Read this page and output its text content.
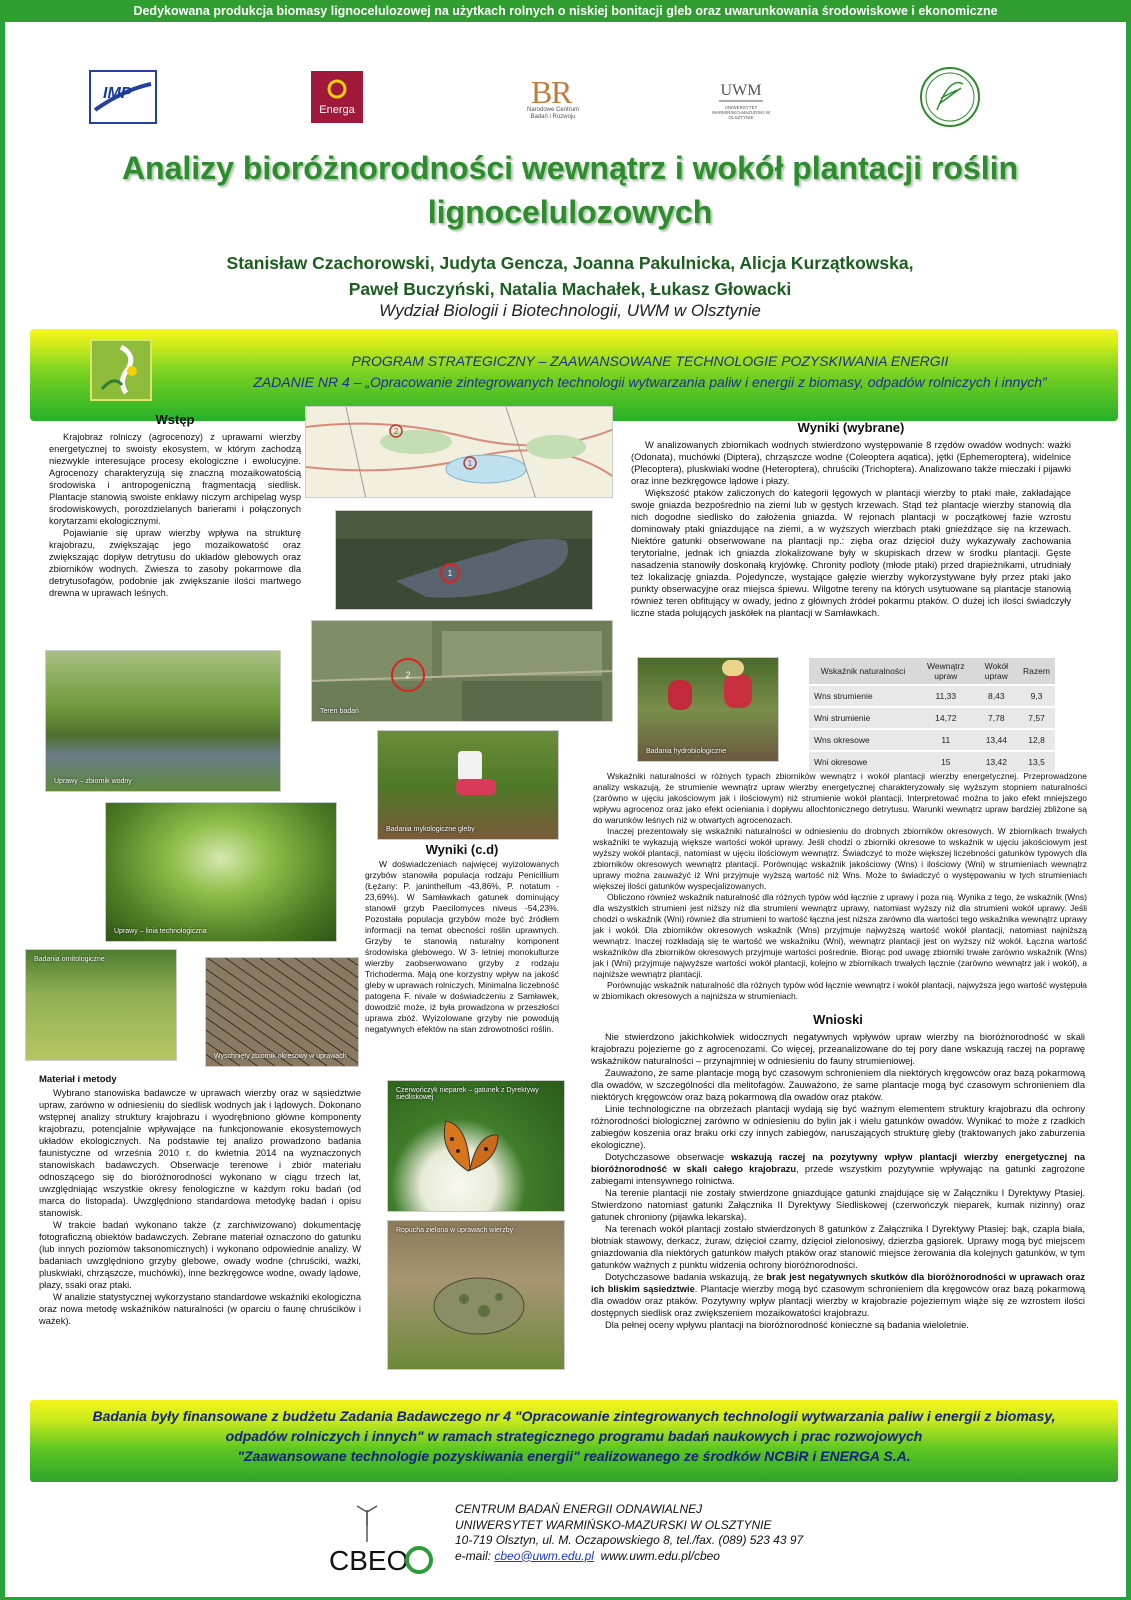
Dedykowana produkcja biomasy lignocelulozowej na użytkach rolnych o niskiej bonitacji gleb oraz uwarunkowania środowiskowe i ekonomiczne
IMP
Energa	B
R
Narodowe Centrum
Badań i Rozwoju
UWM
UNIWERSYTET WARMIŃSKO-MAZURSKI W OLSZTYNIE
Analizy bioróżnorodności wewnątrz i wokół plantacji roślin
lignocelulozowych
Stanisław Czachorowski, Judyta Gencza, Joanna Pakulnicka, Alicja Kurzątkowska,
Paweł Buczyński, Natalia Machałek, Łukasz Głowacki
Wydział Biologii i Biotechnologii, UWM w Olsztynie
PROGRAM STRATEGICZNY – ZAAWANSOWANE TECHNOLOGIE POZYSKIWANIA ENERGII
ZADANIE NR 4 – „Opracowanie zintegrowanych technologii wytwarzania paliw i energii z biomasy, odpadów rolniczych i innych”
Wstęp

Krajobraz rolniczy (agrocenozy) z uprawami wierzby energetycznej to swoisty ekosystem, w którym zachodzą niezwykle interesujące procesy ekologiczne i ewolucyjne. Agrocenozy charakteryzują się znaczną mozaikowatością środowiska i antropogeniczną fragmentacją siedlisk. Plantacje stanowią swoiste enklawy niczym archipelag wysp środowiskowych, porozdzielanych barierami i połączonych korytarzami ekologicznymi.

Pojawianie się upraw wierzby wpływa na strukturę krajobrazu, zwiększając jego mozaikowatość oraz zwiększając dopływ detrytusu do układów glebowych oraz zbiorników wodnych. Zwiesza to zasoby pokarmowe dla detrytusofagów, podobnie jak zwiększanie ilości martwego drewna w uprawach leśnych.

Uprawy – zbiornik wodny
Uprawy – linia technologiczna
Badania ornitologiczne
Wyschnięty zbiornik okresowy w uprawach
Materiał i metody

Wybrano stanowiska badawcze w uprawach wierzby oraz w sąsiedztwie upraw, zarówno w odniesieniu do siedlisk wodnych jak i lądowych. Dokonano wstępnej analizy struktury krajobrazu i wyodrębniono główne komponenty krajobrazu, potencjalnie wpływające na funkcjonowanie ekosystemowych układów ekologicznych. Na podstawie tej analizo prowadzono badania faunistyczne od września 2010 r. do kwietnia 2014 na wyznaczonych stanowiskach badawczych. Obserwacje terenowe i zbiór materiału odnoszącego się do bioróżnorodności wykonano w ciągu trzech lat, uwzględniając wszystkie okresy fenologiczne w każdym roku badań (od marca do listopada). Uwzględniono standardowa metodykę badań i opisu stanowisk.

W trakcie badań wykonano także (z zarchiwizowano) dokumentację fotograficzną obiektów badawczych. Zebrane materiał oznaczono do gatunku (lub innych poziomów taksonomicznych) i wykonano odpowiednie analizy. W badaniach uwzględniono grzyby glebowe, owady wodne (chruściki, ważki, pluskwiaki, chrząszcze, muchówki), inne bezkręgowce wodne, owady lądowe, płazy, ssaki oraz ptaki.

W analizie statystycznej wykorzystano standardowe wskaźniki ekologiczna oraz nowa metodę wskaźników naturalności (w oparciu o faunę chruścików i ważek).

2
1
1
2
Teren badań
Badania mykologiczne gleby
Wyniki (c.d)

W doświadczeniach najwięcej wyizolowanych grzybów stanowiła populacja rodzaju Penicillium (Łężany: P. janinthellum -43,86%, P. notatum - 23,69%). W Samławkach gatunek dominujący stanowił grzyb Paecilomyces niveus -54,23%. Pozostała populacja grzybów może być źródłem informacji na temat obecności roślin uprawnych. Grzyby te stanowią naturalny komponent środowiska glebowego. W 3- letniej monokulturze wierzby zaobserwowano grzyby z rodzaju Trichoderma. Mają one korzystny wpływ na jakość gleby w uprawach rolniczych. Minimalna liczebność patogena F. nivale w doświadczeniu z Samławek, dowodzić może, iż była prowadzona w przeszłości uprawa zbóż. Wyizolowane grzyby nie powodują negatywnych efektów na stan zdrowotności roślin.

Czerwończyk nieparek – gatunek z Dyrektywy siedliskowej
Ropucha zielona w uprawach wierzby
Wyniki (wybrane)

W analizowanych zbiornikach wodnych stwierdzono występowanie 8 rzędów owadów wodnych: ważki (Odonata), muchówki (Diptera), chrząszcze wodne (Coleoptera aqatica), jętki (Ephemeroptera), widelnice (Plecoptera), pluskwiaki wodne (Heteroptera), chruściki (Trichoptera). Analizowano także mieczaki i pijawki oraz inne bezkręgowce lądowe i płazy.

Większość ptaków zaliczonych do kategorii lęgowych w plantacji wierzby to ptaki małe, zakładające swoje gniazda bezpośrednio na ziemi lub w gęstych krzewach. Stąd też plantacje wierzby stanowią dla nich dogodne siedlisko do założenia gniazda. W rejonach plantacji w początkowej fazie wzrostu dominowały ptaki gniazdujące na ziemi, a w wyższych wierzbach ptaki gnieżdżące się na krzewach. Niektóre gatunki obserwowane na plantacji np.: ziębа oraz dzięcioł duży wykazywały zachowania terytorialne, jednak ich gniazda zlokalizowane były w skupiskach drzew w środku plantacji. Gęste nasadzenia stanowiły doskonałą kryjówkę. Chronity podloty (młode ptaki) przed drapieżnikami, utrudniały też lokalizację gniazda. Pojedyncze, wystające gałęzie wierzby wykorzystywane były przez ptaki jako punkty obserwacyjne oraz miejsca śpiewu. Wilgotne tereny na których usytuowane są plantacje stanowią również teren obfitujący w owady, jedno z głównych źródeł pokarmu ptaków. O dużej ich ilości świadczyły liczne stada polujących jaskółek na plantacji w Samławkach.

Badania hydrobiologiczne
Wskaźnik naturalności	Wewnątrz upraw	Wokół upraw	Razem
Wns strumienie	11,33	8,43	9,3
Wni strumienie	14,72	7,78	7,57
Wns okresowe	11	13,44	12,8
Wni okresowe	15	13,42	13,5

Wskaźniki naturalności w różnych typach zbiorników wewnątrz i wokół plantacji wierzby energetycznej. Przeprowadzone analizy wskazują, że strumienie wewnątrz upraw wierzby energetycznej charakteryzowały się wyższym stopniem naturalności (zarówno w ujęciu jakościowym jak i ilościowym) niż strumienie wokół plantacji. Interpretować można to jako efekt mniejszego wpływu agrocenoz oraz jako efekt ocieniania i dopływu allochtonicznego detrytusu. Warunki wewnątrz upraw bardziej zbliżone są do warunków leśnych niż w otwartych agrocenozach.

Inaczej prezentowały się wskaźniki naturalności w odniesieniu do drobnych zbiorników okresowych. W zbiornikach trwałych wskaźniki te wykazują większe wartości wokół uprawy. Jeśli chodzi o zbiorniki okresowe to wskaźnik w ujęciu jakościowym jest wyższy wokół plantacji, natomiast w ujęciu ilościowym wewnątrz. Świadczyć to może większej liczebności gatunków typowych dla zbiorników okresowych wewnątrz plantacji. Porównując wskaźnik jakościowy (Wns) i ilościowy (Wni) w strumieniach wewnątrz uprawy można zauważyć iż Wni przyjmuje wyższą wartość niż Wns. Może to świadczyć o występowaniu w tych strumieniach większej ilości gatunków wyspecjalizowanych.

Obliczono również wskaźnik naturalność dla różnych typów wód łącznie z uprawy i poza nią. Wynika z tego, że wskaźnik (Wns) dla wszystkich strumieni jest niższy niż dla strumieni wewnątrz uprawy, natomiast wyższy niż dla strumieni wokół uprawy. Jeśli chodzi o wskaźnik (Wni) również dla strumieni to wartość łączna jest niższa zarówno dla wartości tego wskaźnika wewnątrz uprawy jak i wokół. Dla zbiorników okresowych wskaźnik (Wns) przyjmuje najwyższą wartość wokół plantacji, natomiast najniższą wewnątrz. Inaczej rozkładają się te wartość we wskaźniku (Wni), wewnątrz plantacji jest on wyższy niż wokół. Łączna wartość wskaźników dla zbiorników okresowych przyjmuje wartości pośrednie. Biorąc pod uwagę zbiorniki trwałe zarówno wskaźnik (Wns) jak i (Wni) przyjmuje najwyższe wartości wokół plantacji, kolejno w zbiornikach trwałych łącznie (zarówno wewnątrz jak i wokół), a najniższe wewnątrz plantacji.

Porównując wskaźnik naturalność dla różnych typów wód łącznie wewnątrz i wokół plantacji, najwyższa jego wartość występuła w zbiornikach okresowych a najniższa w strumieniach.

Wnioski

Nie stwierdzono jakichkolwiek widocznych negatywnych wpływów upraw wierzby na bioróżnorodność w skali krajobrazu pojezierne go z agrocenozami. Co więcej, przeanalizowane do tej pory dane wskazują raczej na poprawę wskaźników naturalności – przynajmniej w odniesieniu do fauny strumieniowej.

Zauważono, że same plantacje mogą być czasowym schronieniem dla niektórych kręgowców oraz bazą pokarmową dla owadów, w szczególności dla melitofagów. Zauważono, że same plantacje mogą być czasowym schronieniem dla niektórych kręgowców oraz bazą pokarmową dla owadów oraz ptaków.

Linie technologiczne na obrzeżach plantacji wydają się być ważnym elementem struktury krajobrazu dla ochrony różnorodności biologicznej zarówno w odniesieniu do bylin jak i wielu gatunków owadów. Wynikać to może z rzadkich zabiegów koszenia oraz braku orki czy innych zabiegów, naruszających strukturę gleby (traktowanych jako zaburzenia ekologiczne).

Dotychczasowe obserwacje wskazują raczej na pozytywny wpływ plantacji wierzby energetycznej na bioróżnorodność w skali całego krajobrazu, przede wszystkim pozytywnie wpływając na gatunki zagrożone zabiegami intensywnego rolnictwa.

Na terenie plantacji nie zostały stwierdzone gniazdujące gatunki znajdujące się w Załączniku I Dyrektywy Ptasiej. Stwierdzono natomiast gatunki Załącznika II Dyrektywy Siedliskowej (czerwończyk nieparek, kumak nizinny) oraz gatunek chroniony (pijawka lekarska).

Na terenach wokół plantacji zostało stwierdzonych 8 gatunków z Załącznika I Dyrektywy Ptasiej: bąk, czapla biała, błotniak stawowy, derkacz, żuraw, dzięcioł czarny, dzięcioł zielonosiwy, dzierzba gąsiorek. Uprawy mogą być miejscem gniazdowania dla niektórych gatunków małych ptaków oraz stanowić miejsce żerowania dla kolejnych gatunków, w tym gatunków ważnych z punktu widzenia ochrony bioróżnorodności.

Dotychczasowe badania wskazują, że brak jest negatywnych skutków dla bioróżnorodności w uprawach oraz ich bliskim sąsiedztwie. Plantacje wierzby mogą być czasowym schronieniem dla kręgowców oraz bazą pokarmową dla owadów oraz ptaków. Pozytywny wpływ plantacji wierzby w krajobrazie pojeziernym wiąże się ze wzrostem ilości dostępnych siedlisk oraz zwiększeniem mozaikowatości krajobrazu.

Dla pełnej oceny wpływu plantacji na bioróżnorodność konieczne są badania wieloletnie.

Badania były finansowane z budżetu Zadania Badawczego nr 4 "Opracowanie zintegrowanych technologii wytwarzania paliw i energii z biomasy,
odpadów rolniczych i innych" w ramach strategicznego programu badań naukowych i prac rozwojowych
"Zaawansowane technologie pozyskiwania energii" realizowanego ze środków NCBiR i ENERGA S.A.
CBEO
CENTRUM BADAŃ ENERGII ODNAWIALNEJ
UNIWERSYTET WARMIŃSKO-MAZURSKI W OLSZTYNIE
10-719 Olsztyn, ul. M. Oczapowskiego 8, tel./fax. (089) 523 43 97
e-mail: cbeo@uwm.edu.pl www.uwm.edu.pl/cbeo
